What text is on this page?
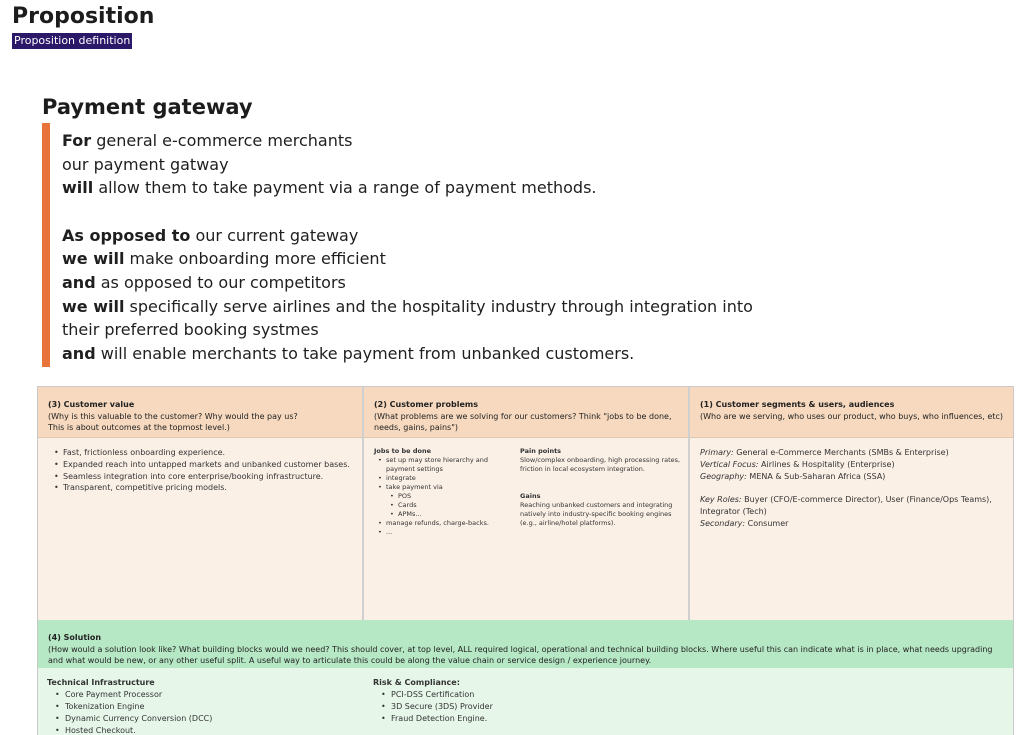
Proposition
Proposition definition
Payment gateway
For general e-commerce merchants
our payment gatway
will allow them to take payment via a range of payment methods.
As opposed to our current gateway
we will make onboarding more efficient
and as opposed to our competitors
we will specifically serve airlines and the hospitality industry through integration into
their preferred booking systmes
and will enable merchants to take payment from unbanked customers.
(3) Customer value
(Why is this valuable to the customer? Why would the pay us?
This is about outcomes at the topmost level.)
• Fast, frictionless onboarding experience.
• Expanded reach into untapped markets and unbanked customer bases.
• Seamless integration into core enterprise/booking infrastructure.
• Transparent, competitive pricing models.
(2) Customer problems
(What problems are we solving for our customers? Think "jobs to be done,
needs, gains, pains")
Jobs to be done
• set up may store hierarchy and payment settings
• integrate
• take payment via
• POS
• Cards
• APMs...
• manage refunds, charge-backs.
• ...
Pain points
Slow/complex onboarding, high processing rates, friction in local ecosystem integration.
Gains
Reaching unbanked customers and integrating natively into industry-specific booking engines (e.g., airline/hotel platforms).
(1) Customer segments & users, audiences
(Who are we serving, who uses our product, who buys, who influences, etc)

Primary: General e-Commerce Merchants (SMBs & Enterprise)

Vertical Focus: Airlines & Hospitality (Enterprise)

Geography: MENA & Sub-Saharan Africa (SSA)

Key Roles: Buyer (CFO/E-commerce Director), User (Finance/Ops Teams),

Integrator (Tech)

Secondary: Consumer

(4) Solution
(How would a solution look like? What building blocks would we need? This should cover, at top level, ALL required logical, operational and technical building blocks. Where useful this can indicate what is in place, what needs upgrading and what would be new, or any other useful split. A useful way to articulate this could be along the value chain or service design / experience journey.
Technical Infrastructure
• Core Payment Processor
• Tokenization Engine
• Dynamic Currency Conversion (DCC)
• Hosted Checkout.
Risk & Compliance:
• PCI-DSS Certification
• 3D Secure (3DS) Provider
• Fraud Detection Engine.
